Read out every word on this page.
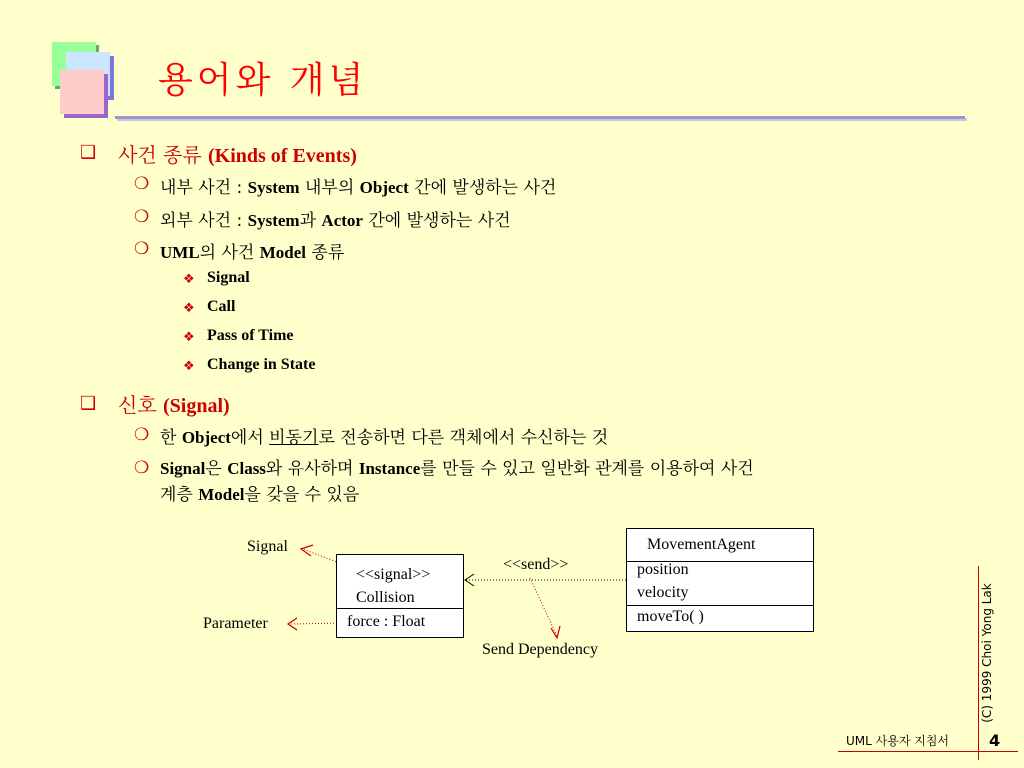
용어와 개념
❑ 사건 종류 (Kinds of Events)
❍ 내부 사건 : System 내부의 Object 간에 발생하는 사건
❍ 외부 사건 : System과 Actor 간에 발생하는 사건
❍ UML의 사건 Model 종류
❖ Signal
❖ Call
❖ Pass of Time
❖ Change in State
❑ 신호 (Signal)
❍ 한 Object에서 비동기로 전송하면 다른 객체에서 수신하는 것
❍ Signal은 Class와 유사하며 Instance를 만들 수 있고 일반화 관계를 이용하여 사건
계층 Model을 갖을 수 있음
Signal
Parameter
<<send>>
Send Dependency
<<signal>>
Collision
force : Float
MovementAgent
position
velocity
moveTo( )	(C) 1999 Choi Yong Lak
UML 사용자 지침서 4
